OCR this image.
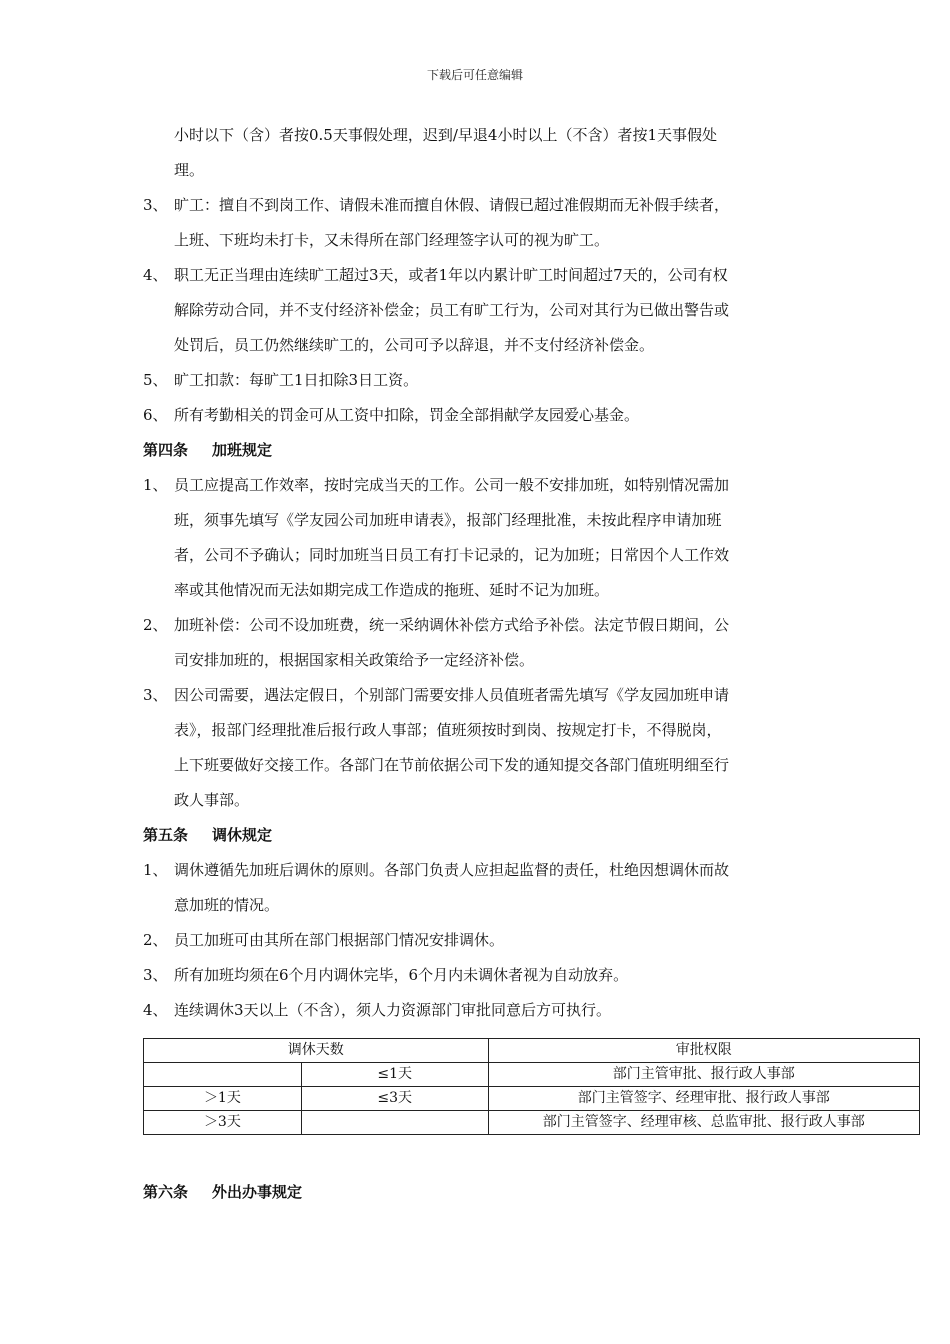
下载后可任意编辑
小时以下（含）者按0.5天事假处理，迟到/早退4小时以上（不含）者按1天事假处
理。
3、 旷工：擅自不到岗工作、请假未准而擅自休假、请假已超过准假期而无补假手续者，
上班、下班均未打卡，又未得所在部门经理签字认可的视为旷工。
4、 职工无正当理由连续旷工超过3天，或者1年以内累计旷工时间超过7天的，公司有权
解除劳动合同，并不支付经济补偿金；员工有旷工行为，公司对其行为已做出警告或
处罚后，员工仍然继续旷工的，公司可予以辞退，并不支付经济补偿金。
5、 旷工扣款：每旷工1日扣除3日工资。
6、 所有考勤相关的罚金可从工资中扣除，罚金全部捐献学友园爱心基金。
第四条 加班规定
1、 员工应提高工作效率，按时完成当天的工作。公司一般不安排加班，如特别情况需加
班，须事先填写《学友园公司加班申请表》，报部门经理批准，未按此程序申请加班
者，公司不予确认；同时加班当日员工有打卡记录的，记为加班；日常因个人工作效
率或其他情况而无法如期完成工作造成的拖班、延时不记为加班。
2、 加班补偿：公司不设加班费，统一采纳调休补偿方式给予补偿。法定节假日期间，公
司安排加班的，根据国家相关政策给予一定经济补偿。
3、 因公司需要，遇法定假日，个别部门需要安排人员值班者需先填写《学友园加班申请
表》，报部门经理批准后报行政人事部；值班须按时到岗、按规定打卡，不得脱岗，
上下班要做好交接工作。各部门在节前依据公司下发的通知提交各部门值班明细至行
政人事部。
第五条 调休规定
1、 调休遵循先加班后调休的原则。各部门负责人应担起监督的责任，杜绝因想调休而故
意加班的情况。
2、 员工加班可由其所在部门根据部门情况安排调休。
3、 所有加班均须在6个月内调休完毕，6个月内未调休者视为自动放弃。
4、 连续调休3天以上（不含），须人力资源部门审批同意后方可执行。
调休天数		审批权限
	≤1天	部门主管审批、报行政人事部
＞1天	≤3天	部门主管签字、经理审批、报行政人事部
＞3天		部门主管签字、经理审核、总监审批、报行政人事部
第六条 外出办事规定
